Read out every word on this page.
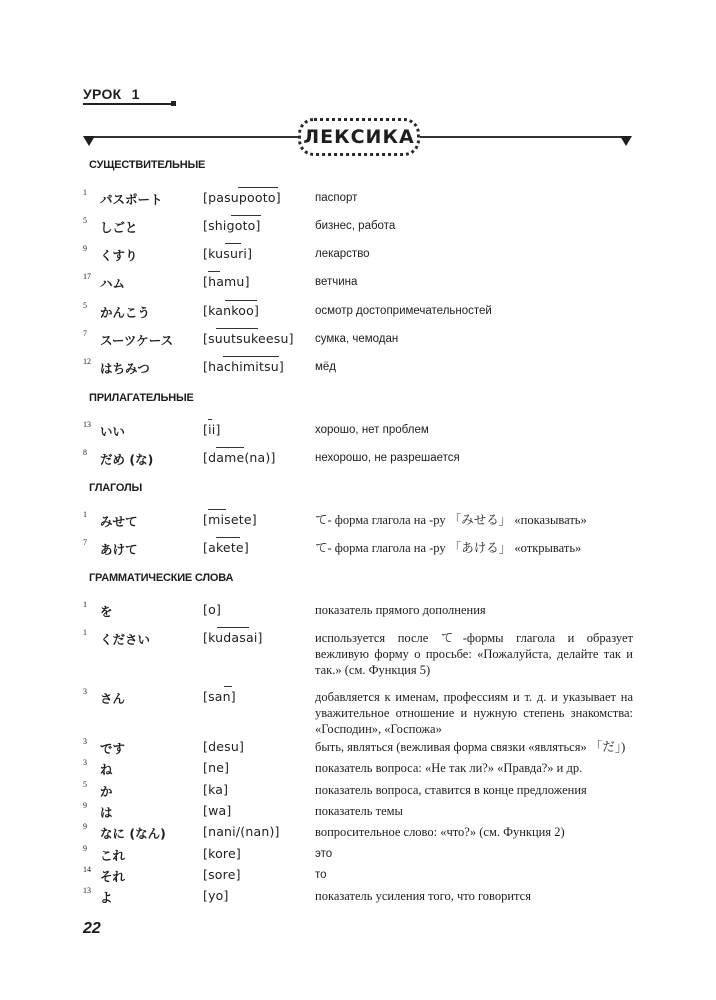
УРОК 1
ЛЕКСИКА
СУЩЕСТВИТЕЛЬНЫЕ
1 パスポート	[pasupooto]	паспорт
5 しごと	[shigoto]	бизнес, работа
9 くすり	[kusuri]	лекарство
17 ハム	[hamu]	ветчина
5 かんこう	[kankoo]	осмотр достопримечательностей
7 スーツケース [suutsukeesu] сумка, чемодан
12 はちみつ	[hachimitsu]	мёд
ПРИЛАГАТЕЛЬНЫЕ
13 いい	[ii]	хорошо, нет проблем
8 だめ (な)	[dame(na)]	нехорошо, не разрешается
ГЛАГОЛЫ
1 みせて	[misete]	て- форма глагола на -ру 「みせる」 «показывать»
7 あけて	[akete]	て- форма глагола на -ру 「あける」 «открывать»
ГРАММАТИЧЕСКИЕ СЛОВА
1 を	[o]	показатель прямого дополнения
1 ください	[kudasai]	используется после て-формы глагола и образует вежливую форму о просьбе: «Пожалуйста, делайте так и так.» (см. Функция 5)
3 さん	[san]	добавляется к именам, профессиям и т. д. и указывает на уважительное отношение и нужную степень знакомства: «Господин», «Госпожа»
3 です	[desu]	быть, являться (вежливая форма связки «являться» 「だ」)
3 ね	[ne]	показатель вопроса: «Не так ли?» «Правда?» и др.
5 か	[ka]	показатель вопроса, ставится в конце предложения
9 は	[wa]	показатель темы
9 なに (なん)	[nani/(nan)]	вопросительное слово: «что?» (см. Функция 2)
9 これ	[kore]	это
14 それ	[sore]	то
13 よ	[yo]	показатель усиления того, что говорится
22
